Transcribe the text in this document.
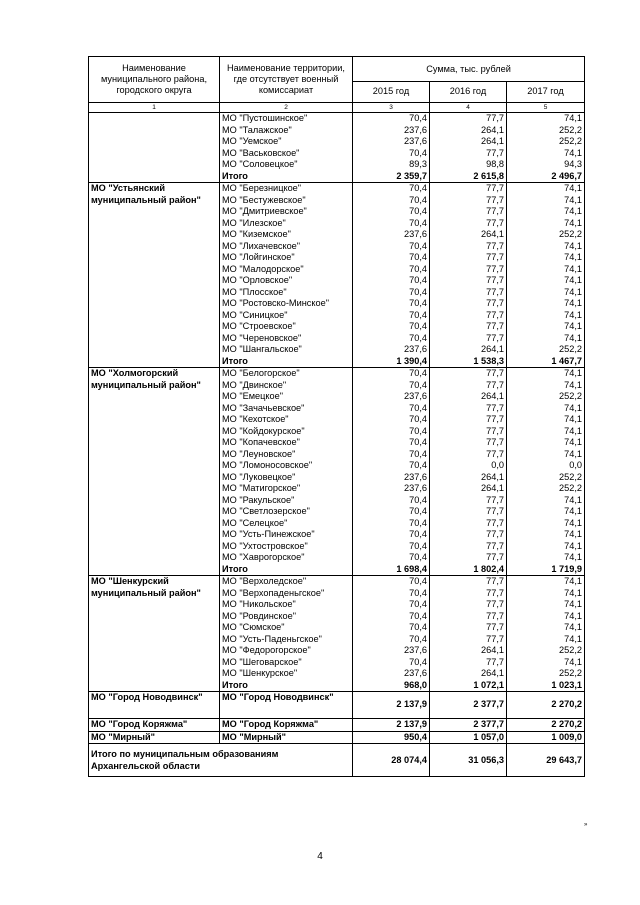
Наименование муниципального района, городского округа	Наименование территории, где отсутствует военный комиссариат	Сумма, тыс. рублей		
		2015 год	2016 год	2017 год
1	2	3	4	5
	МО "Пустошинское"	70,4	77,7	74,1
	МО "Талажское"	237,6	264,1	252,2
	МО "Уемское"	237,6	264,1	252,2
	МО "Васьковское"	70,4	77,7	74,1
	МО "Соловецкое"	89,3	98,8	94,3
	Итого	2 359,7	2 615,8	2 496,7
МО "Устьянский муниципальный район"	МО "Березницкое"	70,4	77,7	74,1
	МО "Бестужевское"	70,4	77,7	74,1
	МО "Дмитриевское"	70,4	77,7	74,1
	МО "Илезское"	70,4	77,7	74,1
	МО "Киземское"	237,6	264,1	252,2
	МО "Лихачевское"	70,4	77,7	74,1
	МО "Лойгинское"	70,4	77,7	74,1
	МО "Малодорское"	70,4	77,7	74,1
	МО "Орловское"	70,4	77,7	74,1
	МО "Плосское"	70,4	77,7	74,1
	МО "Ростовско-Минское"	70,4	77,7	74,1
	МО "Синицкое"	70,4	77,7	74,1
	МО "Строевское"	70,4	77,7	74,1
	МО "Череновское"	70,4	77,7	74,1
	МО "Шангальское"	237,6	264,1	252,2
	Итого	1 390,4	1 538,3	1 467,7
МО "Холмогорский муниципальный район"	МО "Белогорское"	70,4	77,7	74,1
	МО "Двинское"	70,4	77,7	74,1
	МО "Емецкое"	237,6	264,1	252,2
	МО "Зачачьевское"	70,4	77,7	74,1
	МО "Кехотское"	70,4	77,7	74,1
	МО "Койдокурское"	70,4	77,7	74,1
	МО "Копачевское"	70,4	77,7	74,1
	МО "Леуновское"	70,4	77,7	74,1
	МО "Ломоносовское"	70,4	0,0	0,0
	МО "Луковецкое"	237,6	264,1	252,2
	МО "Матигорское"	237,6	264,1	252,2
	МО "Ракульское"	70,4	77,7	74,1
	МО "Светлозерское"	70,4	77,7	74,1
	МО "Селецкое"	70,4	77,7	74,1
	МО "Усть-Пинежское"	70,4	77,7	74,1
	МО "Ухтостровское"	70,4	77,7	74,1
	МО "Хаврогорское"	70,4	77,7	74,1
	Итого	1 698,4	1 802,4	1 719,9
МО "Шенкурский муниципальный район"	МО "Верхоледское"	70,4	77,7	74,1
	МО "Верхопаденьгское"	70,4	77,7	74,1
	МО "Никольское"	70,4	77,7	74,1
	МО "Ровдинское"	70,4	77,7	74,1
	МО "Сюмское"	70,4	77,7	74,1
	МО "Усть-Паденьгское"	70,4	77,7	74,1
	МО "Федорогорское"	237,6	264,1	252,2
	МО "Шеговарское"	70,4	77,7	74,1
	МО "Шенкурское"	237,6	264,1	252,2
	Итого	968,0	1 072,1	1 023,1
МО "Город Новодвинск"	МО "Город Новодвинск"	2 137,9	2 377,7	2 270,2
МО "Город Коряжма"	МО "Город Коряжма"	2 137,9	2 377,7	2 270,2
МО "Мирный"	МО "Мирный"	950,4	1 057,0	1 009,0
Итого по муниципальным образованиям Архангельской области		28 074,4	31 056,3	29 643,7
»
4
